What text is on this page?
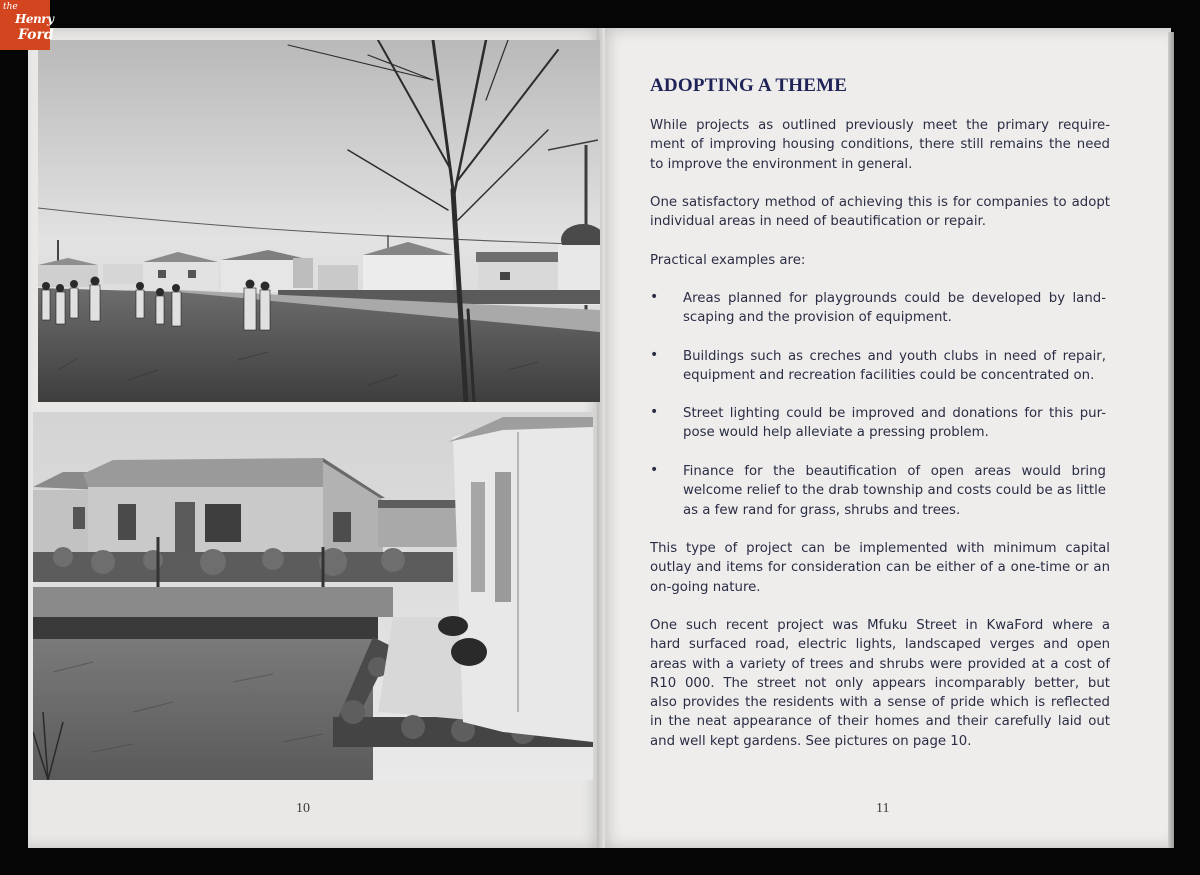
the
Henry
Ford
10	11
ADOPTING A THEME
While projects as outlined previously meet the primary require-
ment of improving housing conditions, there still remains the need
to improve the environment in general.
One satisfactory method of achieving this is for companies to adopt
individual areas in need of beautification or repair.
Practical examples are:
• Areas planned for playgrounds could be developed by land-
scaping and the provision of equipment.
• Buildings such as creches and youth clubs in need of repair,
equipment and recreation facilities could be concentrated on.
• Street lighting could be improved and donations for this pur-
pose would help alleviate a pressing problem.
• Finance for the beautification of open areas would bring
welcome relief to the drab township and costs could be as little
as a few rand for grass, shrubs and trees.
This type of project can be implemented with minimum capital
outlay and items for consideration can be either of a one-time or an
on-going nature.
One such recent project was Mfuku Street in KwaFord where a
hard surfaced road, electric lights, landscaped verges and open
areas with a variety of trees and shrubs were provided at a cost of
R10 000. The street not only appears incomparably better, but
also provides the residents with a sense of pride which is reflected
in the neat appearance of their homes and their carefully laid out
and well kept gardens. See pictures on page 10.
